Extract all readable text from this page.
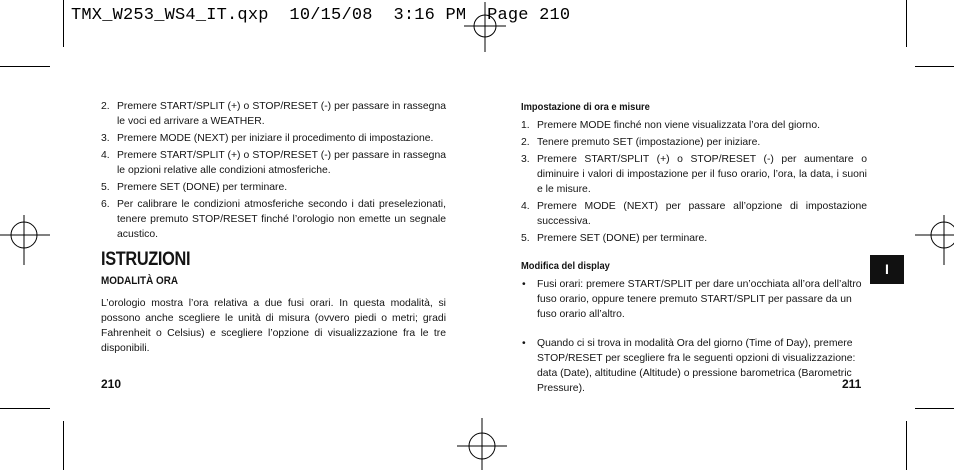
TMX_W253_WS4_IT.qxp  10/15/08  3:16 PM  Page 210
2. Premere START/SPLIT (+) o STOP/RESET (-) per passare in rassegna le voci ed arrivare a WEATHER.
3. Premere MODE (NEXT) per iniziare il procedimento di impostazione.
4. Premere START/SPLIT (+) o STOP/RESET (-) per passare in rassegna le opzioni relative alle condizioni atmosferiche.
5. Premere SET (DONE) per terminare.
6. Per calibrare le condizioni atmosferiche secondo i dati preselezionati, tenere premuto STOP/RESET finché l’orologio non emette un segnale acustico.
ISTRUZIONI
MODALITÀ ORA

L’orologio mostra l’ora relativa a due fusi orari. In questa modalità, si possono anche scegliere le unità di misura (ovvero piedi o metri; gradi Fahrenheit o Celsius) e scegliere l’opzione di visualizzazione fra le tre disponibili.

210
Impostazione di ora e misure
1. Premere MODE finché non viene visualizzata l’ora del giorno.
2. Tenere premuto SET (impostazione) per iniziare.
3. Premere START/SPLIT (+) o STOP/RESET (-) per aumentare o diminuire i valori di impostazione per il fuso orario, l’ora, la data, i suoni e le misure.
4. Premere MODE (NEXT) per passare all’opzione di impostazione successiva.
5. Premere SET (DONE) per terminare.
Modifica del display
• Fusi orari: premere START/SPLIT per dare un’occhiata all’ora dell’altro fuso orario, oppure tenere premuto START/SPLIT per passare da un fuso orario all’altro.
• Quando ci si trova in modalità Ora del giorno (Time of Day), premere STOP/RESET per scegliere fra le seguenti opzioni di visualizzazione: data (Date), altitudine (Altitude) o pressione barometrica (Barometric Pressure).
I
211
